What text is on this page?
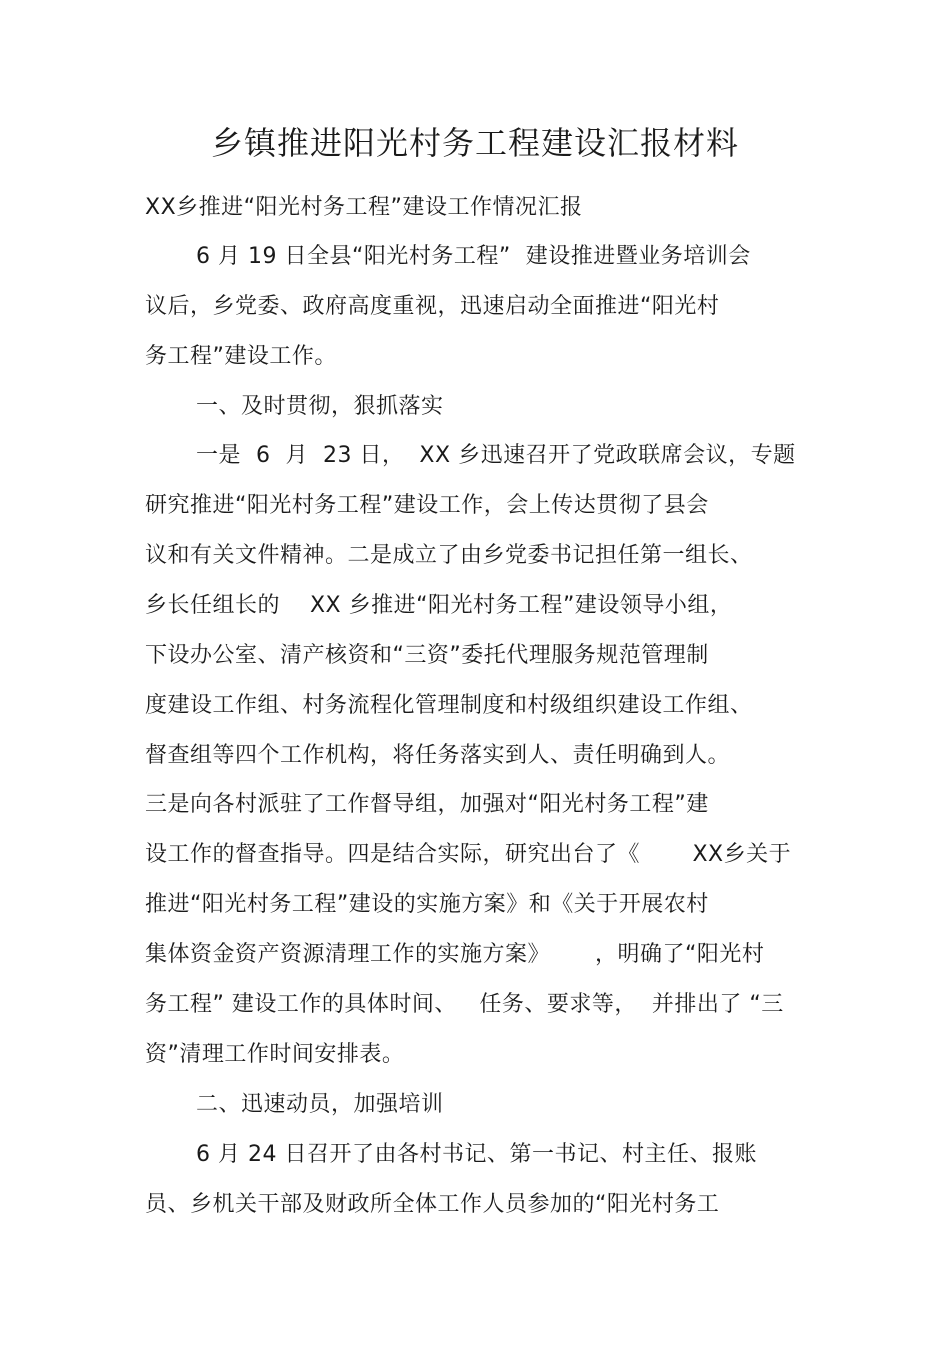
乡镇推进阳光村务工程建设汇报材料
XX乡推进“阳光村务工程”建设工作情况汇报
6 月 19 日全县“阳光村务工程”  建设推进暨业务培训会
议后，乡党委、政府高度重视，迅速启动全面推进“阳光村
务工程”建设工作。
一、及时贯彻，狠抓落实
一是  6  月  23 日，  XX 乡迅速召开了党政联席会议，专题
研究推进“阳光村务工程”建设工作，会上传达贯彻了县会
议和有关文件精神。二是成立了由乡党委书记担任第一组长、
乡长任组长的    XX 乡推进“阳光村务工程”建设领导小组，
下设办公室、清产核资和“三资”委托代理服务规范管理制
度建设工作组、村务流程化管理制度和村级组织建设工作组、
督查组等四个工作机构，将任务落实到人、责任明确到人。
三是向各村派驻了工作督导组，加强对“阳光村务工程”建
设工作的督查指导。四是结合实际，研究出台了《       XX乡关于
推进“阳光村务工程”建设的实施方案》和《关于开展农村
集体资金资产资源清理工作的实施方案》      ，明确了“阳光村
务工程” 建设工作的具体时间、   任务、要求等，  并排出了 “三
资”清理工作时间安排表。
二、迅速动员，加强培训
6 月 24 日召开了由各村书记、第一书记、村主任、报账
员、乡机关干部及财政所全体工作人员参加的“阳光村务工
